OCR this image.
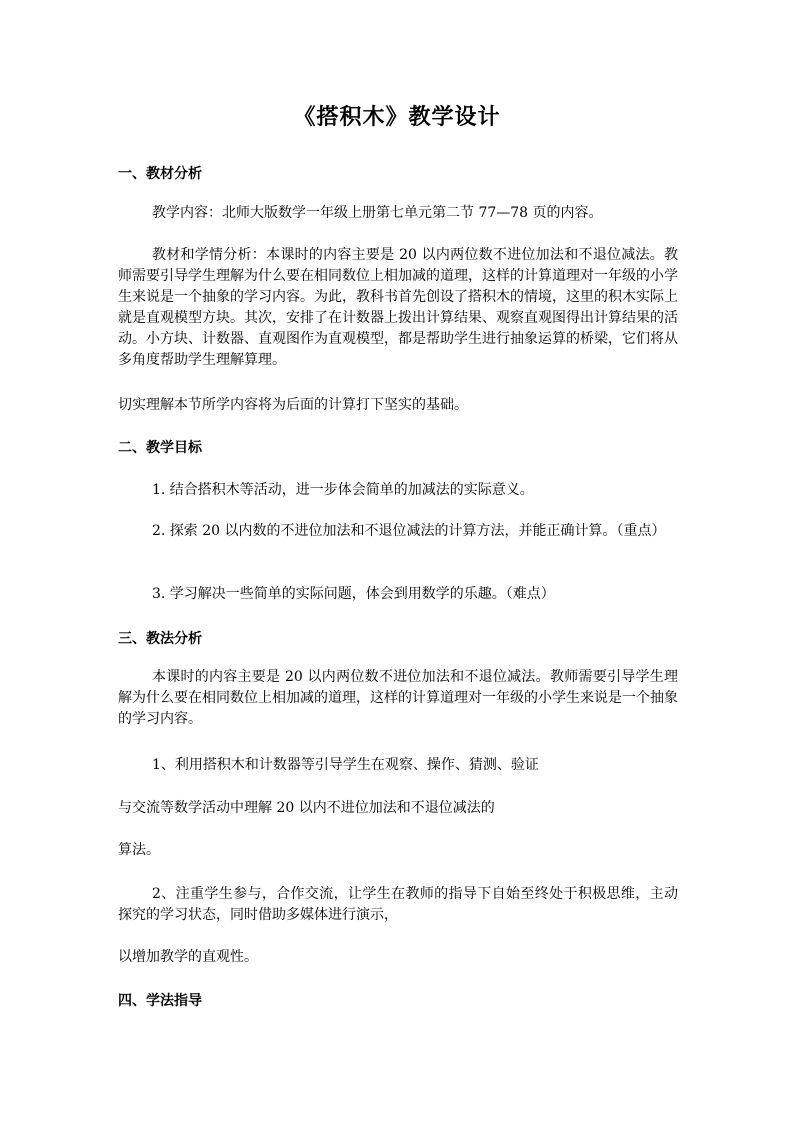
《搭积木》教学设计
一、教材分析
教学内容：北师大版数学一年级上册第七单元第二节 77—78 页的内容。
教材和学情分析：本课时的内容主要是 20 以内两位数不进位加法和不退位减法。教师需要引导学生理解为什么要在相同数位上相加减的道理，这样的计算道理对一年级的小学生来说是一个抽象的学习内容。为此，教科书首先创设了搭积木的情境，这里的积木实际上就是直观模型方块。其次，安排了在计数器上拨出计算结果、观察直观图得出计算结果的活动。小方块、计数器、直观图作为直观模型，都是帮助学生进行抽象运算的桥梁，它们将从多角度帮助学生理解算理。
切实理解本节所学内容将为后面的计算打下坚实的基础。
二、教学目标
1. 结合搭积木等活动，进一步体会简单的加减法的实际意义。
2. 探索 20 以内数的不进位加法和不退位减法的计算方法，并能正确计算。（重点）
3. 学习解决一些简单的实际问题，体会到用数学的乐趣。（难点）
三、教法分析
本课时的内容主要是 20 以内两位数不进位加法和不退位减法。教师需要引导学生理解为什么要在相同数位上相加减的道理，这样的计算道理对一年级的小学生来说是一个抽象的学习内容。
1、利用搭积木和计数器等引导学生在观察、操作、猜测、验证
与交流等数学活动中理解 20 以内不进位加法和不退位减法的
算法。
2、注重学生参与，合作交流，让学生在教师的指导下自始至终处于积极思维，主动探究的学习状态，同时借助多媒体进行演示，
以增加教学的直观性。
四、学法指导
